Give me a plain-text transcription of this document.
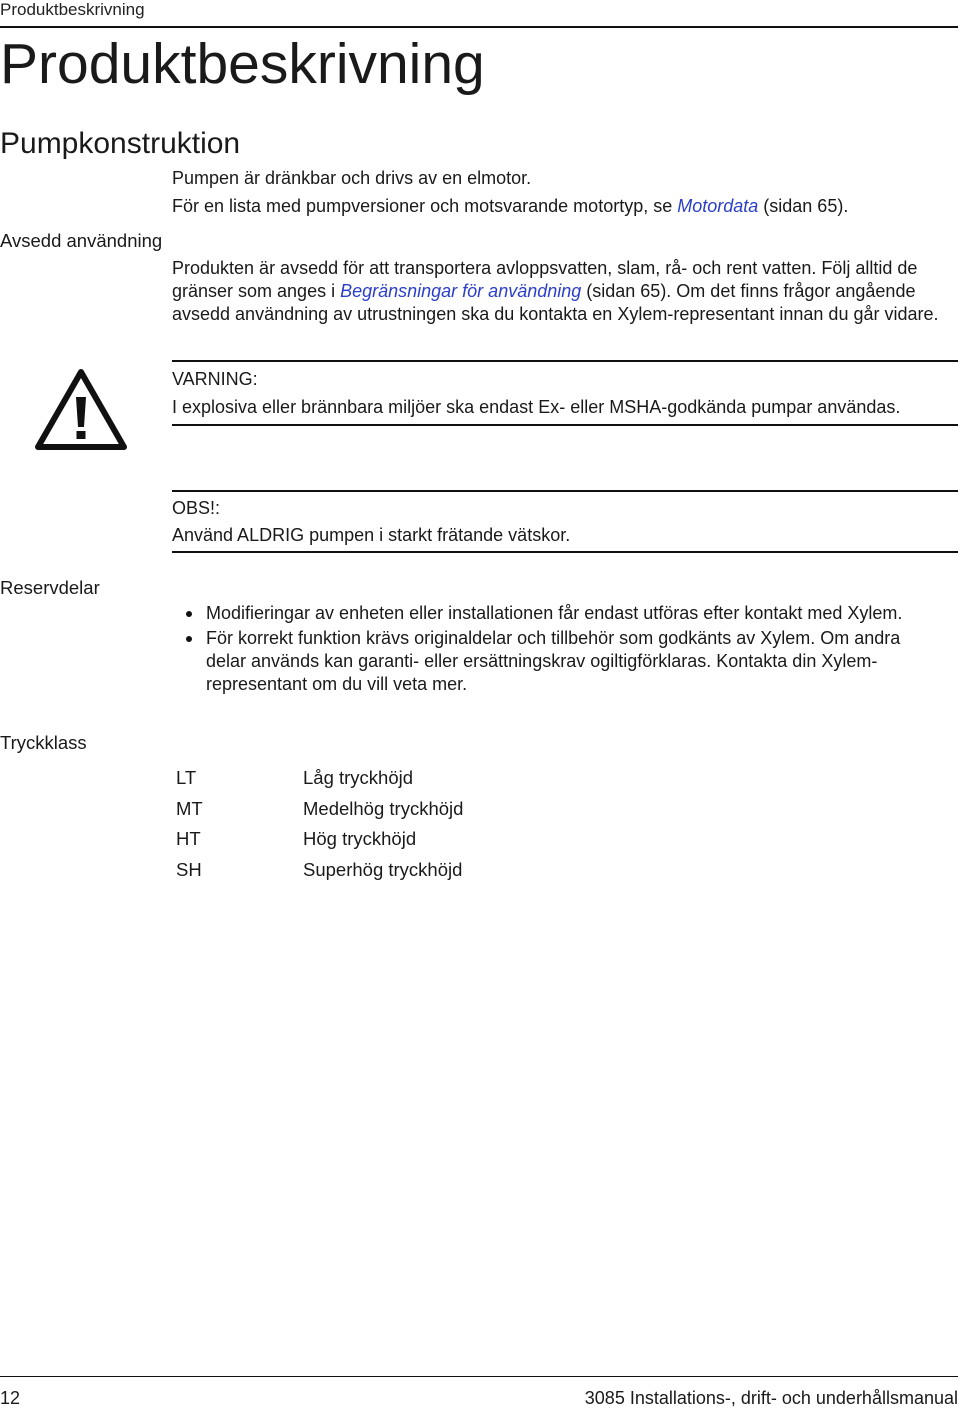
Produktbeskrivning
Produktbeskrivning
Pumpkonstruktion

Pumpen är dränkbar och drivs av en elmotor.

För en lista med pumpversioner och motsvarande motortyp, se Motordata (sidan 65).

Avsedd användning

Produkten är avsedd för att transportera avloppsvatten, slam, rå- och rent vatten. Följ alltid de gränser som anges i Begränsningar för användning (sidan 65). Om det finns frågor angående avsedd användning av utrustningen ska du kontakta en Xylem-representant innan du går vidare.

VARNING:
I explosiva eller brännbara miljöer ska endast Ex- eller MSHA-godkända pumpar användas.
OBS!:
Använd ALDRIG pumpen i starkt frätande vätskor.
Reservdelar
Modifieringar av enheten eller installationen får endast utföras efter kontakt med Xylem.
För korrekt funktion krävs originaldelar och tillbehör som godkänts av Xylem. Om andra delar används kan garanti- eller ersättningskrav ogiltigförklaras. Kontakta din Xylem-representant om du vill veta mer.
Tryckklass
LT	Låg tryckhöjd
MT	Medelhög tryckhöjd
HT	Hög tryckhöjd
SH	Superhög tryckhöjd
12	3085 Installations-, drift- och underhållsmanual
